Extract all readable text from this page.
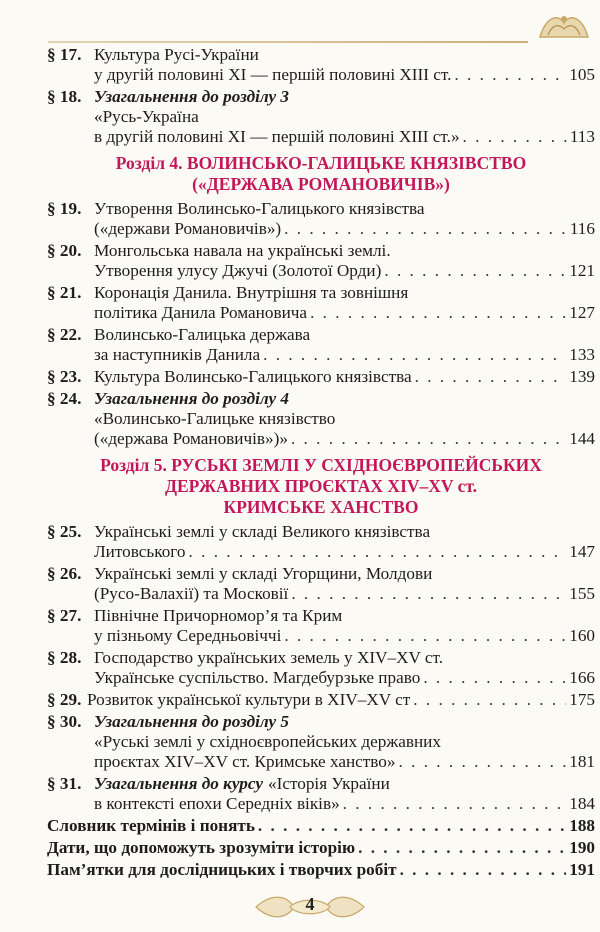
§ 17. Культура Русі-України
у другій половині XI — першій половині XIII ст. . . .	105
§ 18. Узагальнення до розділу 3
«Русь-Україна
в другій половині XI — першій половині XIII ст.» . . .	113
Розділ 4. ВОЛИНСЬКО-ГАЛИЦЬКЕ КНЯЗІВСТВО
(«ДЕРЖАВА РОМАНОВИЧІВ»)
§ 19. Утворення Волинсько-Галицького князівства
(«держави Романовичів») . . .	116
§ 20. Монгольська навала на українські землі.
Утворення улусу Джучі (Золотої Орди) . . .	121
§ 21. Коронація Данила. Внутрішня та зовнішня
політика Данила Романовича . . .	127
§ 22. Волинсько-Галицька держава
за наступників Данила . . .	133
§ 23. Культура Волинсько-Галицького князівства . . .	139
§ 24. Узагальнення до розділу 4
«Волинсько-Галицьке князівство
(«держава Романовичів»)» . . .	144
Розділ 5. РУСЬКІ ЗЕМЛІ У СХІДНОЄВРОПЕЙСЬКИХ
ДЕРЖАВНИХ ПРОЄКТАХ XIV–XV ст.
КРИМСЬКЕ ХАНСТВО
§ 25. Українські землі у складі Великого князівства
Литовського . . .	147
§ 26. Українські землі у складі Угорщини, Молдови
(Русо-Валахії) та Московії . . .	155
§ 27. Північне Причорномор’я та Крим
у пізньому Середньовіччі . . .	160
§ 28. Господарство українських земель у XIV–XV ст.
Українське суспільство. Магдебурзьке право . . .	166
§ 29. Розвиток української культури в XIV–XV ст . . .	175
§ 30. Узагальнення до розділу 5
«Руські землі у східноєвропейських державних
проєктах XIV–XV ст. Кримське ханство» . . .	181
§ 31. Узагальнення до курсу «Історія України
в контексті епохи Середніх віків» . . .	184
Словник термінів і понять . . .	188
Дати, що допоможуть зрозуміти історію . . .	190
Пам’ятки для дослідницьких і творчих робіт . . .	191
4
